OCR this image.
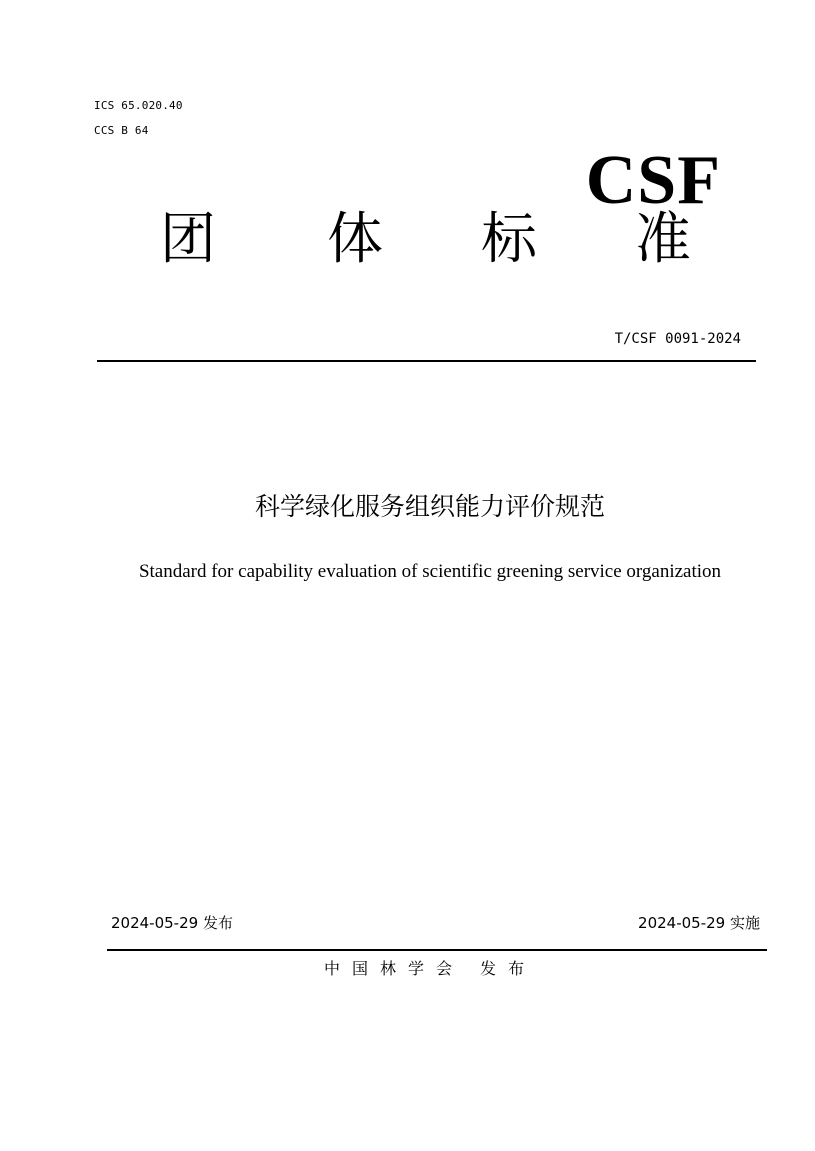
ICS 65.020.40
CCS B 64
CSF
团 体 标 准
T/CSF 0091-2024
科学绿化服务组织能力评价规范
Standard for capability evaluation of scientific greening service organization
2024-05-29 发布	2024-05-29 实施
中国林学会 发布
